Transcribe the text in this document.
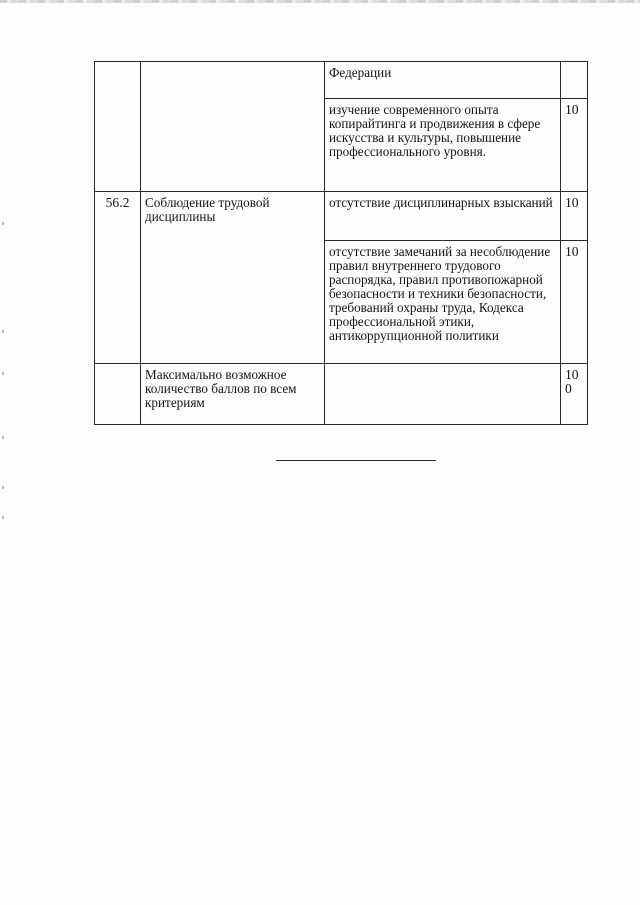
		Федерации	
		изучение современного опыта копирайтинга и продвижения в сфере искусства и культуры, повышение профессионального уровня.	10
56.2	Соблюдение трудовой дисциплины	отсутствие дисциплинарных взысканий	10
		отсутствие замечаний за несоблюдение правил внутреннего трудового распорядка, правил противопожарной безопасности и техники безопасности, требований охраны труда, Кодекса профессиональной этики, антикоррупционной политики	10
	Максимально возможное количество баллов по всем критериям		100
